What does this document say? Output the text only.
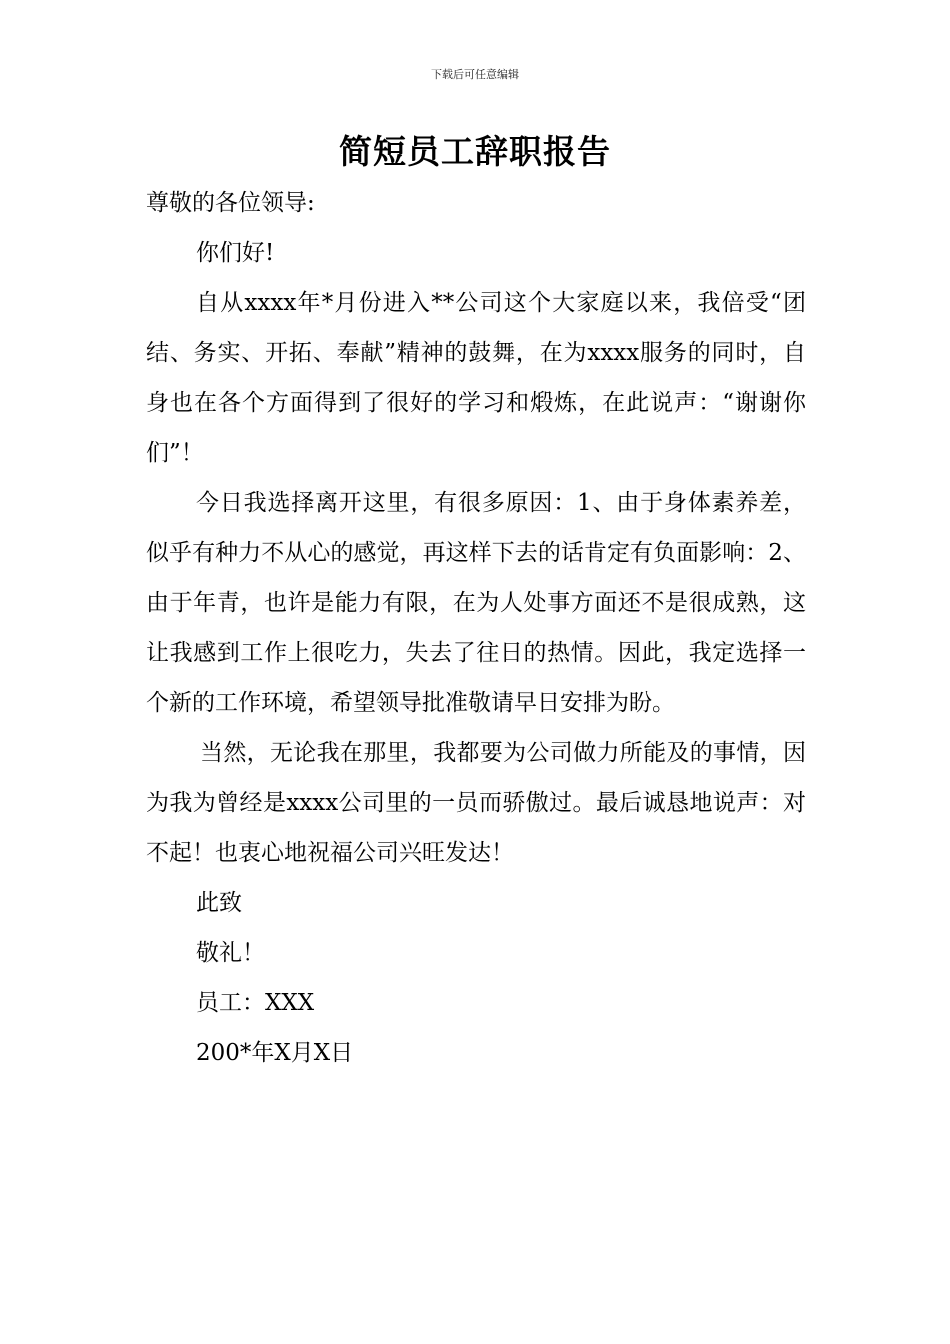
下载后可任意编辑
简短员工辞职报告

尊敬的各位领导:

你们好!

自从xxxx年*月份进入**公司这个大家庭以来，我倍受“团结、务实、开拓、奉献”精神的鼓舞，在为xxxx服务的同时，自身也在各个方面得到了很好的学习和煅炼，在此说声：“谢谢你们”！

今日我选择离开这里，有很多原因：1、由于身体素养差，似乎有种力不从心的感觉，再这样下去的话肯定有负面影响：2、由于年青，也许是能力有限，在为人处事方面还不是很成熟，这让我感到工作上很吃力，失去了往日的热情。因此，我定选择一个新的工作环境，希望领导批准敬请早日安排为盼。

当然，无论我在那里，我都要为公司做力所能及的事情，因为我为曾经是xxxx公司里的一员而骄傲过。最后诚恳地说声：对不起！也衷心地祝福公司兴旺发达！

此致

敬礼！

员工：XXX

200*年X月X日
